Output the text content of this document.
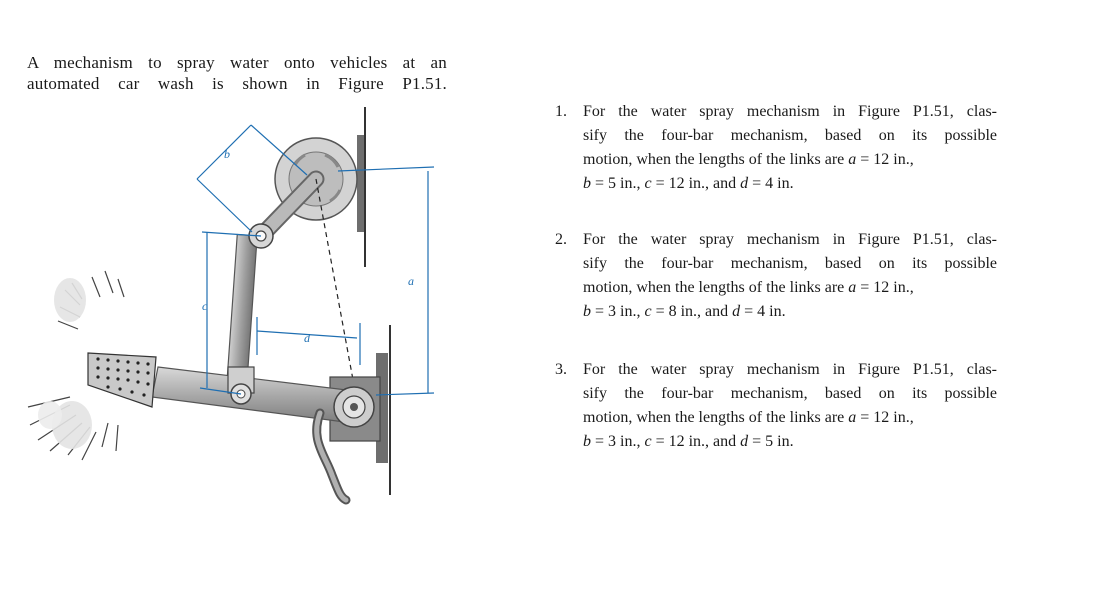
A mechanism to spray water onto vehicles at an
automated car wash is shown in Figure P1.51.
b
c
d
a
1.	For the water spray mechanism in Figure P1.51, clas-
sify the four-bar mechanism, based on its possible
motion, when the lengths of the links are a = 12 in.,
b = 5 in., c = 12 in., and d = 4 in.
2.	For the water spray mechanism in Figure P1.51, clas-
sify the four-bar mechanism, based on its possible
motion, when the lengths of the links are a = 12 in.,
b = 3 in., c = 8 in., and d = 4 in.
3.	For the water spray mechanism in Figure P1.51, clas-
sify the four-bar mechanism, based on its possible
motion, when the lengths of the links are a = 12 in.,
b = 3 in., c = 12 in., and d = 5 in.
